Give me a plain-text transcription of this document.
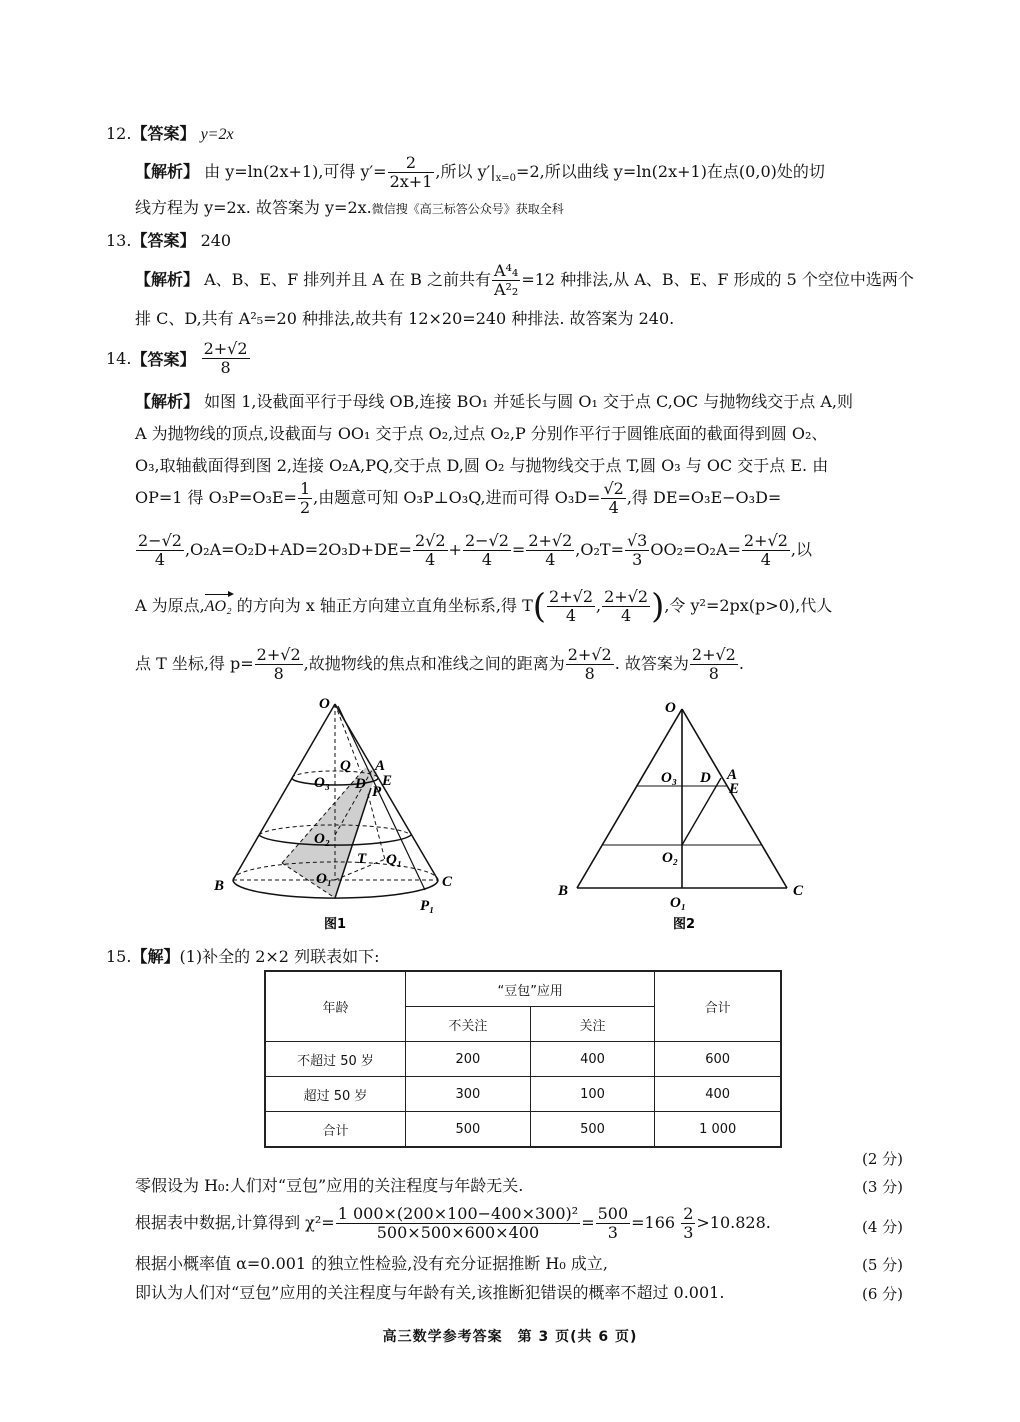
12.【答案】 y=2x
【解析】 由 y=ln(2x+1),可得 $y'= \frac{2}{2x+1}$ ,所以 $y'|_{x=0}=2$,所以曲线 y=ln(2x+1)在点(0,0)处的切
线方程为 y=2x. 故答案为 y=2x.微信搜《高三标答公众号》获取全科
13.【答案】 240
【解析】 A、B、E、F 排列并且 A 在 B 之前共有 $\frac{\text{A⁴₄}}{\text{A²₂}} =12$ 种排法,从 A、B、E、F 形成的 5 个空位中选两个
排 C、D,共有 A²₅=20 种排法,故共有 12×20=240 种排法. 故答案为 240.
14.【答案】 $\frac{2+√2}{8}$
【解析】 如图 1,设截面平行于母线 OB,连接 BO₁ 并延长与圆 O₁ 交于点 C,OC 与抛物线交于点 A,则
A 为抛物线的顶点,设截面与 OO₁ 交于点 O₂,过点 O₂,P 分别作平行于圆锥底面的截面得到圆 O₂、
O₃,取轴截面得到图 2,连接 O₂A,PQ,交于点 D,圆 O₂ 与抛物线交于点 T,圆 O₃ 与 OC 交于点 E. 由
OP=1 得 $O_3P=O_3E= \frac{1}{2}$ ,由题意可知 O₃P⊥O₃Q,进而可得 $O_3D= \frac{√2}{4}$ ,得 DE=O₃E−O₃D=
$\frac{2-√2}{4} ,O_2A=O_2D+AD=2O_3D+DE= \frac{2√2}{4} + \frac{2-√2}{4} = \frac{2+√2}{4} ,O_2T= \frac{√3}{3} OO_2=O_2A= \frac{2+√2}{4}$ ,以
A 为原点,AO₂ 的方向为 x 轴正方向建立直角坐标系,得 $T( \frac{2+√2}{4}$ , $\frac{2+√2}{4}$ ),令 y²=2px(p>0),代人
点 T 坐标,得 $p= \frac{2+√2}{8}$ ,故抛物线的焦点和准线之间的距离为 $\frac{2+√2}{8}$ . 故答案为 $\frac{2+√2}{8}$ .
O
Q A
E
O₃ D P
O₂
T Q₁
O₁
B	C
P₁
图1
O
O₃ D A
E
O₂
B
O₁
C
图2
15.【解】(1)补全的 2×2 列联表如下:
年龄	“豆包”应用		合计
	不关注	关注	
不超过 50 岁	200	400	600
超过 50 岁	300	100	400
合计	500	500	1 000
(2 分)
零假设为 H₀:人们对“豆包”应用的关注程度与年龄无关.	(3 分)
根据表中数据,计算得到 $\chi^2= \frac{\text{1 000×(200×100−400×300)²}}{500\times 500\times 600\times 400} = \frac{500}{3} =166 \frac{2}{3} >10.828$.	(4 分)
根据小概率值 α=0.001 的独立性检验,没有充分证据推断 H₀ 成立,	(5 分)
即认为人们对“豆包”应用的关注程度与年龄有关,该推断犯错误的概率不超过 0.001.	(6 分)
高三数学参考答案　第 3 页(共 6 页)
